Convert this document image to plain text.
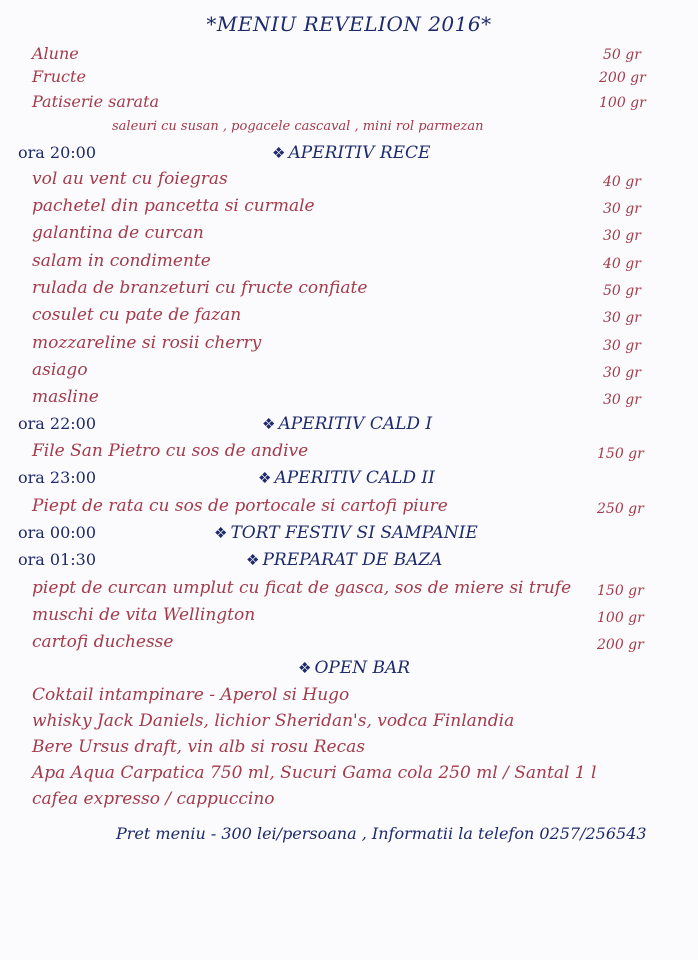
*MENIU REVELION 2016*
Alune	50 gr
Fructe	200 gr
Patiserie sarata	100 gr
saleuri cu susan , pogacele cascaval , mini rol parmezan
ora 20:00	❖ APERITIV RECE
vol au vent cu foiegras	40 gr
pachetel din pancetta si curmale	30 gr
galantina de curcan	30 gr
salam in condimente	40 gr
rulada de branzeturi cu fructe confiate	50 gr
cosulet cu pate de fazan	30 gr
mozzareline si rosii cherry	30 gr
asiago	30 gr
masline	30 gr
ora 22:00	❖ APERITIV CALD I
File San Pietro cu sos de andive	150 gr
ora 23:00	❖ APERITIV CALD II
Piept de rata cu sos de portocale si cartofi piure	250 gr
ora 00:00	❖ TORT FESTIV SI SAMPANIE
ora 01:30	❖ PREPARAT DE BAZA
piept de curcan umplut cu ficat de gasca, sos de miere si trufe 150 gr
muschi de vita Wellington	100 gr
cartofi duchesse	200 gr
❖ OPEN BAR
Coktail intampinare - Aperol si Hugo
whisky Jack Daniels, lichior Sheridan's, vodca Finlandia
Bere Ursus draft, vin alb si rosu Recas
Apa Aqua Carpatica 750 ml, Sucuri Gama cola 250 ml / Santal 1 l
cafea expresso / cappuccino
Pret meniu - 300 lei/persoana , Informatii la telefon 0257/256543
